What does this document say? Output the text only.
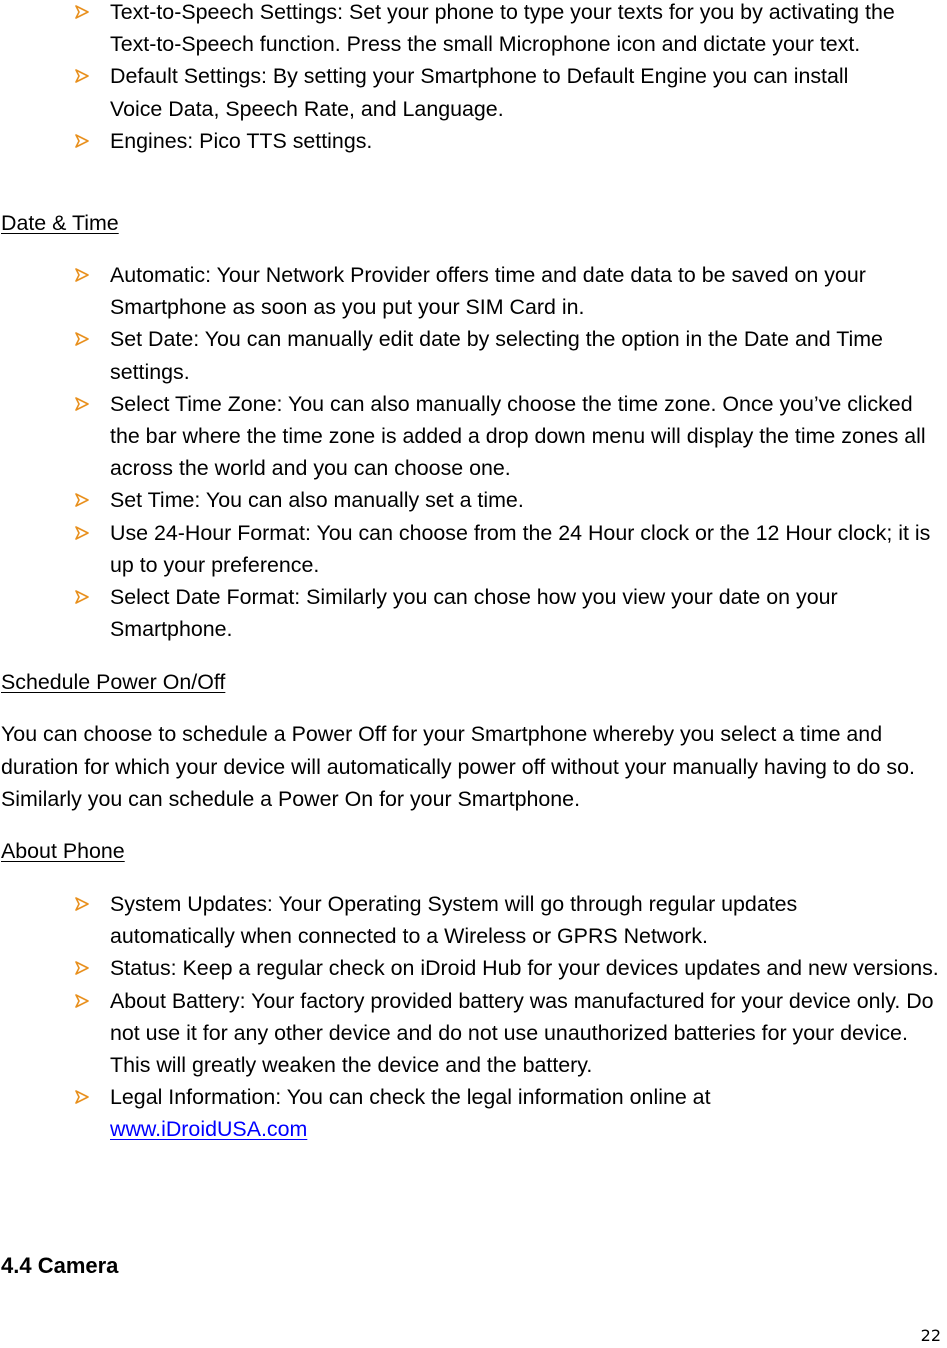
Text-to-Speech Settings: Set your phone to type your texts for you by activating the Text-to-Speech function. Press the small Microphone icon and dictate your text.
Default Settings: By setting your Smartphone to Default Engine you can install Voice Data, Speech Rate, and Language.
Engines: Pico TTS settings.
Date & Time
Automatic: Your Network Provider offers time and date data to be saved on your Smartphone as soon as you put your SIM Card in.
Set Date: You can manually edit date by selecting the option in the Date and Time settings.
Select Time Zone: You can also manually choose the time zone. Once you’ve clicked the bar where the time zone is added a drop down menu will display the time zones all across the world and you can choose one.
Set Time: You can also manually set a time.
Use 24-Hour Format: You can choose from the 24 Hour clock or the 12 Hour clock; it is up to your preference.
Select Date Format: Similarly you can chose how you view your date on your Smartphone.
Schedule Power On/Off
You can choose to schedule a Power Off for your Smartphone whereby you select a time and duration for which your device will automatically power off without your manually having to do so. Similarly you can schedule a Power On for your Smartphone.
About Phone
System Updates: Your Operating System will go through regular updates automatically when connected to a Wireless or GPRS Network.
Status: Keep a regular check on iDroid Hub for your devices updates and new versions.
About Battery: Your factory provided battery was manufactured for your device only. Do not use it for any other device and do not use unauthorized batteries for your device. This will greatly weaken the device and the battery.
Legal Information: You can check the legal information online at
www.iDroidUSA.com
4.4 Camera
22
